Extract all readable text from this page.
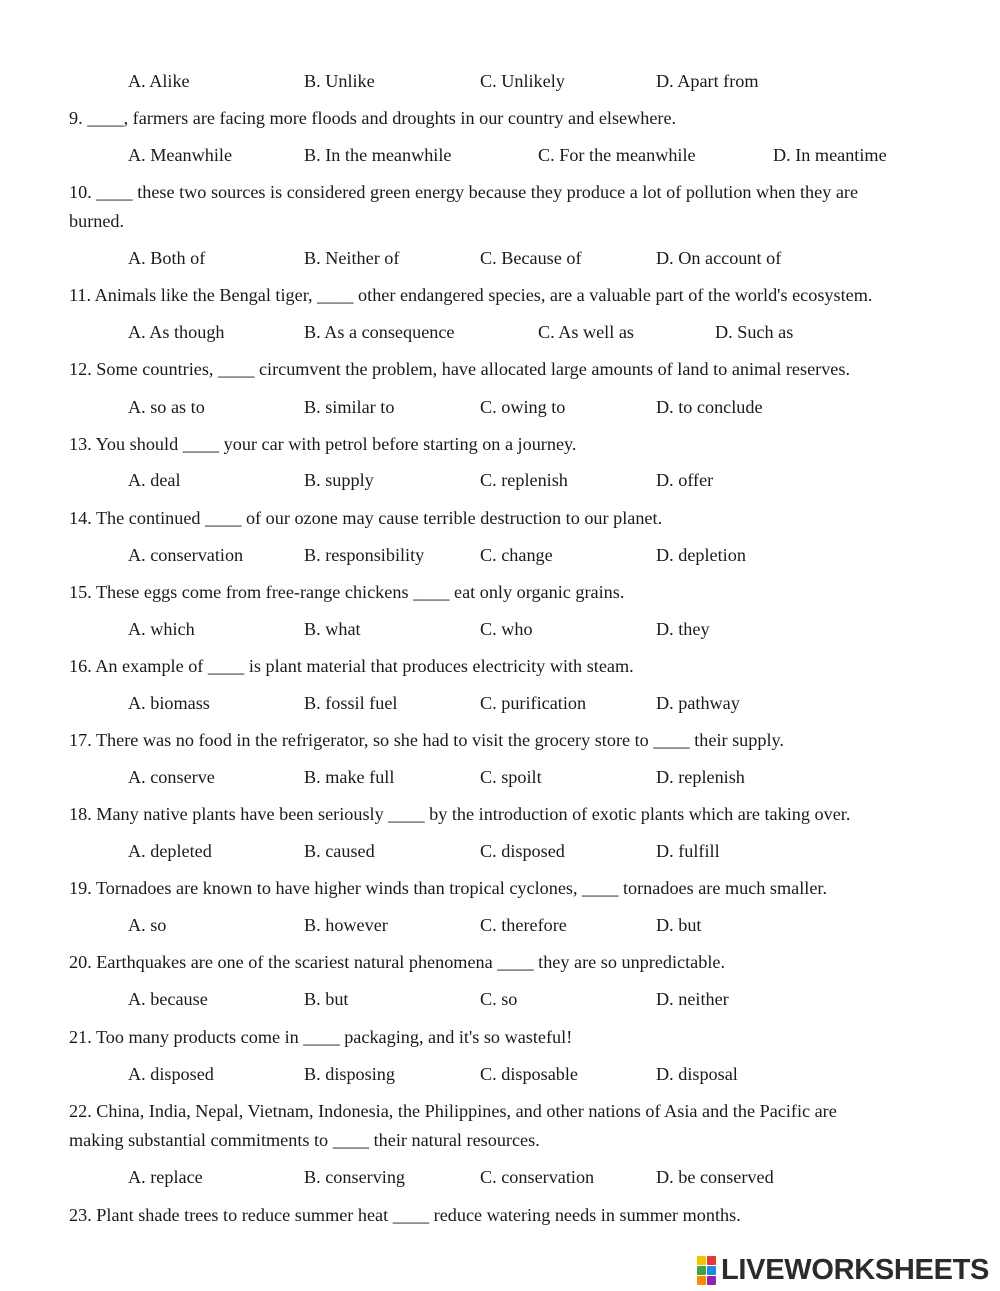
A. Alike	B. Unlike	C. Unlikely	D. Apart from
9. ____, farmers are facing more floods and droughts in our country and elsewhere.
A. Meanwhile	B. In the meanwhile	C. For the meanwhile	D. In meantime
10. ____ these two sources is considered green energy because they produce a lot of pollution when they are
burned.
A. Both of	B. Neither of	C. Because of	D. On account of
11. Animals like the Bengal tiger, ____ other endangered species, are a valuable part of the world's ecosystem.
A. As though	B. As a consequence	C. As well as	D. Such as
12. Some countries, ____ circumvent the problem, have allocated large amounts of land to animal reserves.
A. so as to	B. similar to	C. owing to	D. to conclude
13. You should ____ your car with petrol before starting on a journey.
A. deal	B. supply	C. replenish	D. offer
14. The continued ____ of our ozone may cause terrible destruction to our planet.
A. conservation	B. responsibility	C. change	D. depletion
15. These eggs come from free-range chickens ____ eat only organic grains.
A. which	B. what	C. who	D. they
16. An example of ____ is plant material that produces electricity with steam.
A. biomass	B. fossil fuel	C. purification	D. pathway
17. There was no food in the refrigerator, so she had to visit the grocery store to ____ their supply.
A. conserve	B. make full	C. spoilt	D. replenish
18. Many native plants have been seriously ____ by the introduction of exotic plants which are taking over.
A. depleted	B. caused	C. disposed	D. fulfill
19. Tornadoes are known to have higher winds than tropical cyclones, ____ tornadoes are much smaller.
A. so	B. however	C. therefore	D. but
20. Earthquakes are one of the scariest natural phenomena ____ they are so unpredictable.
A. because	B. but	C. so	D. neither
21. Too many products come in ____ packaging, and it's so wasteful!
A. disposed	B. disposing	C. disposable	D. disposal
22. China, India, Nepal, Vietnam, Indonesia, the Philippines, and other nations of Asia and the Pacific are
making substantial commitments to ____ their natural resources.
A. replace	B. conserving	C. conservation	D. be conserved
23. Plant shade trees to reduce summer heat ____ reduce watering needs in summer months.
LIVEWORKSHEETS
